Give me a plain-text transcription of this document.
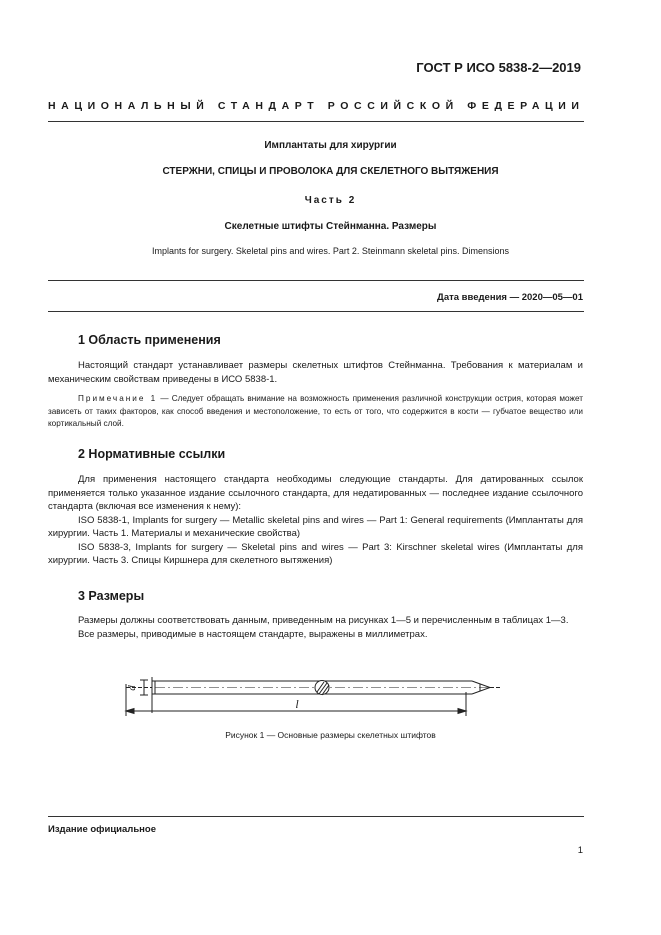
ГОСТ Р ИСО 5838-2—2019
НАЦИОНАЛЬНЫЙ СТАНДАРТ РОССИЙСКОЙ ФЕДЕРАЦИИ
Имплантаты для хирургии
СТЕРЖНИ, СПИЦЫ И ПРОВОЛОКА ДЛЯ СКЕЛЕТНОГО ВЫТЯЖЕНИЯ
Часть 2
Скелетные штифты Стейнманна. Размеры
Implants for surgery. Skeletal pins and wires. Part 2. Steinmann skeletal pins. Dimensions
Дата введения — 2020—05—01
1 Область применения

Настоящий стандарт устанавливает размеры скелетных штифтов Стейнманна. Требования к материалам и механическим свойствам приведены в ИСО 5838-1.

Примечание 1 — Следует обращать внимание на возможность применения различной конструкции острия, которая может зависеть от таких факторов, как способ введения и местоположение, то есть от того, что содержится в кости — губчатое вещество или кортикальный слой.

2 Нормативные ссылки

Для применения настоящего стандарта необходимы следующие стандарты. Для датированных ссылок применяется только указанное издание ссылочного стандарта, для недатированных — последнее издание ссылочного стандарта (включая все изменения к нему):

ISO 5838-1, Implants for surgery — Metallic skeletal pins and wires — Part 1: General requirements (Имплантаты для хирургии. Часть 1. Материалы и механические свойства)

ISO 5838-3, Implants for surgery — Skeletal pins and wires — Part 3: Kirschner skeletal wires (Имплантаты для хирургии. Часть 3. Спицы Киршнера для скелетного вытяжения)

3 Размеры

Размеры должны соответствовать данным, приведенным на рисунках 1—5 и перечисленным в таблицах 1—3.

Все размеры, приводимые в настоящем стандарте, выражены в миллиметрах.

d
l
Рисунок 1 — Основные размеры скелетных штифтов
Издание официальное
1
